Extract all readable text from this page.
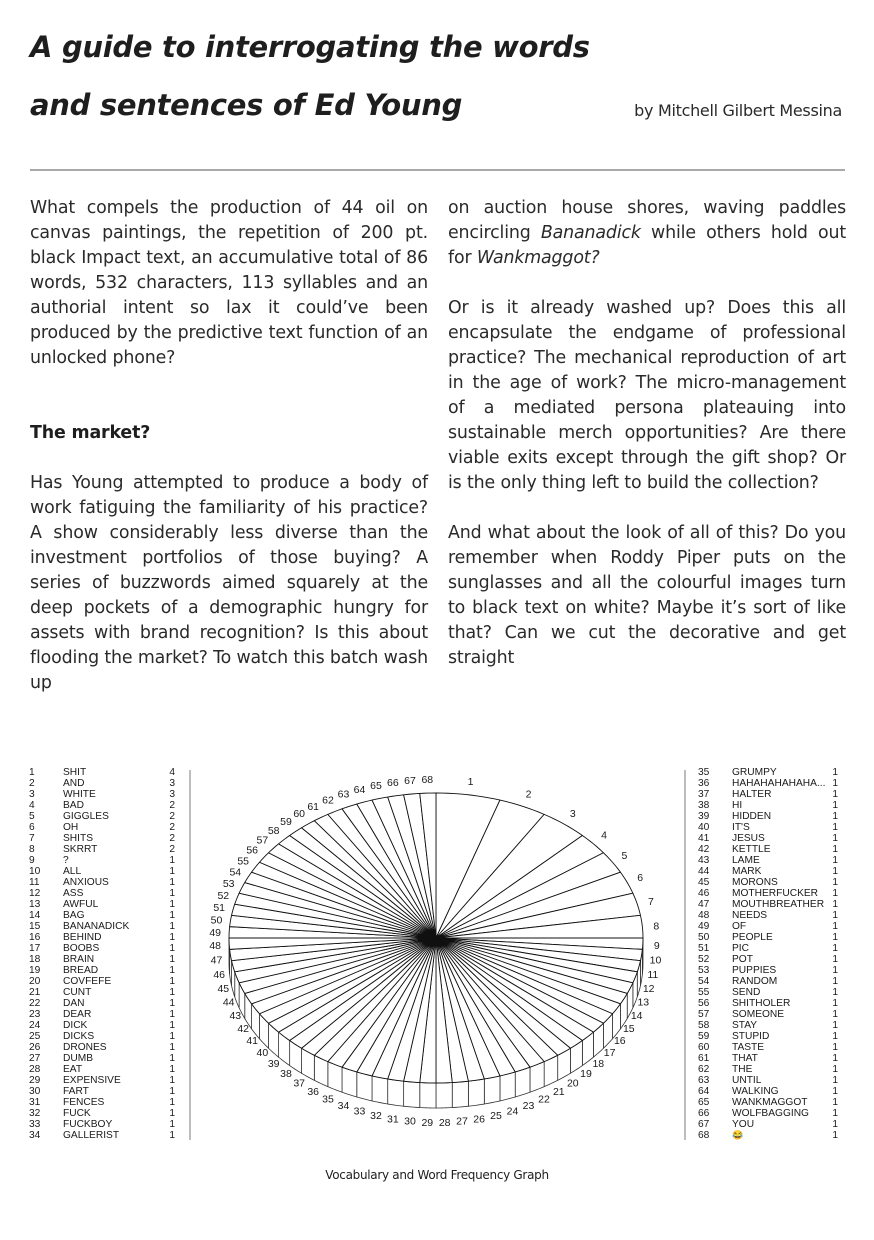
A guide to interrogating the words
and sentences of Ed Young	by Mitchell Gilbert Messina

What compels the production of 44 oil on canvas paintings, the repetition of 200 pt. black Impact text, an accumulative total of 86 words, 532 characters, 113 syllables and an authorial intent so lax it could’ve been produced by the predictive text function of an unlocked phone?

The market?

Has Young attempted to produce a body of work fatiguing the familiarity of his practice? A show considerably less diverse than the investment portfolios of those buying? A series of buzzwords aimed squarely at the deep pockets of a demographic hungry for assets with brand recognition? Is this about flooding the market? To watch this batch wash up

on auction house shores, waving paddles encircling Bananadick while others hold out for Wankmaggot?

Or is it already washed up? Does this all encapsulate the endgame of professional practice? The mechanical reproduction of art in the age of work? The micro-management of a mediated persona plateauing into sustainable merch opportunities? Are there viable exits except through the gift shop? Or is the only thing left to build the collection?

And what about the look of all of this? Do you remember when Roddy Piper puts on the sunglasses and all the colourful images turn to black text on white? Maybe it’s sort of like that? Can we cut the decorative and get straight

1	SHIT	4
2	AND	3
3	WHITE	3
4	BAD	2
5	GIGGLES	2
6	OH	2
7	SHITS	2
8	SKRRT	2
9	?	1
10	ALL	1
11	ANXIOUS	1
12	ASS	1
13	AWFUL	1
14	BAG	1
15	BANANADICK	1
16	BEHIND	1
17	BOOBS	1
18	BRAIN	1
19	BREAD	1
20	COVFEFE	1
21	CUNT	1
22	DAN	1
23	DEAR	1
24	DICK	1
25	DICKS	1
26	DRONES	1
27	DUMB	1
28	EAT	1
29	EXPENSIVE	1
30	FART	1
31	FENCES	1
32	FUCK	1
33	FUCKBOY	1
34	GALLERIST	1
35	GRUMPY	1
36	HAHAHAHAHAHA... 1
37	HALTER	1
38	HI	1
39	HIDDEN	1
40	IT'S	1
41	JESUS	1
42	KETTLE	1
43	LAME	1
44	MARK	1
45	MORONS	1
46	MOTHERFUCKER	1
47	MOUTHBREATHER 1
48	NEEDS	1
49	OF	1
50	PEOPLE	1
51	PIC	1
52	POT	1
53	PUPPIES	1
54	RANDOM	1
55	SEND	1
56	SHITHOLER	1
57	SOMEONE	1
58	STAY	1
59	STUPID	1
60	TASTE	1
61	THAT	1
62	THE	1
63	UNTIL	1
64	WALKING	1
65	WANKMAGGOT	1
66	WOLFBAGGING	1
67	YOU	1
68	😂	1
1
2
3
4
5
6
7
8
9
10
11
12
13
14
15
16
17
18
19
20
21
22
23
24
25
26
27
28
29
30
31
32
33
34
35
36
37
38
39
40
41
42
43
44
45
46
47
48
49
50
51
52
53
54
55
56
57
58
59
60
61
62 63 64 65 66 67 68
Vocabulary and Word Frequency Graph
